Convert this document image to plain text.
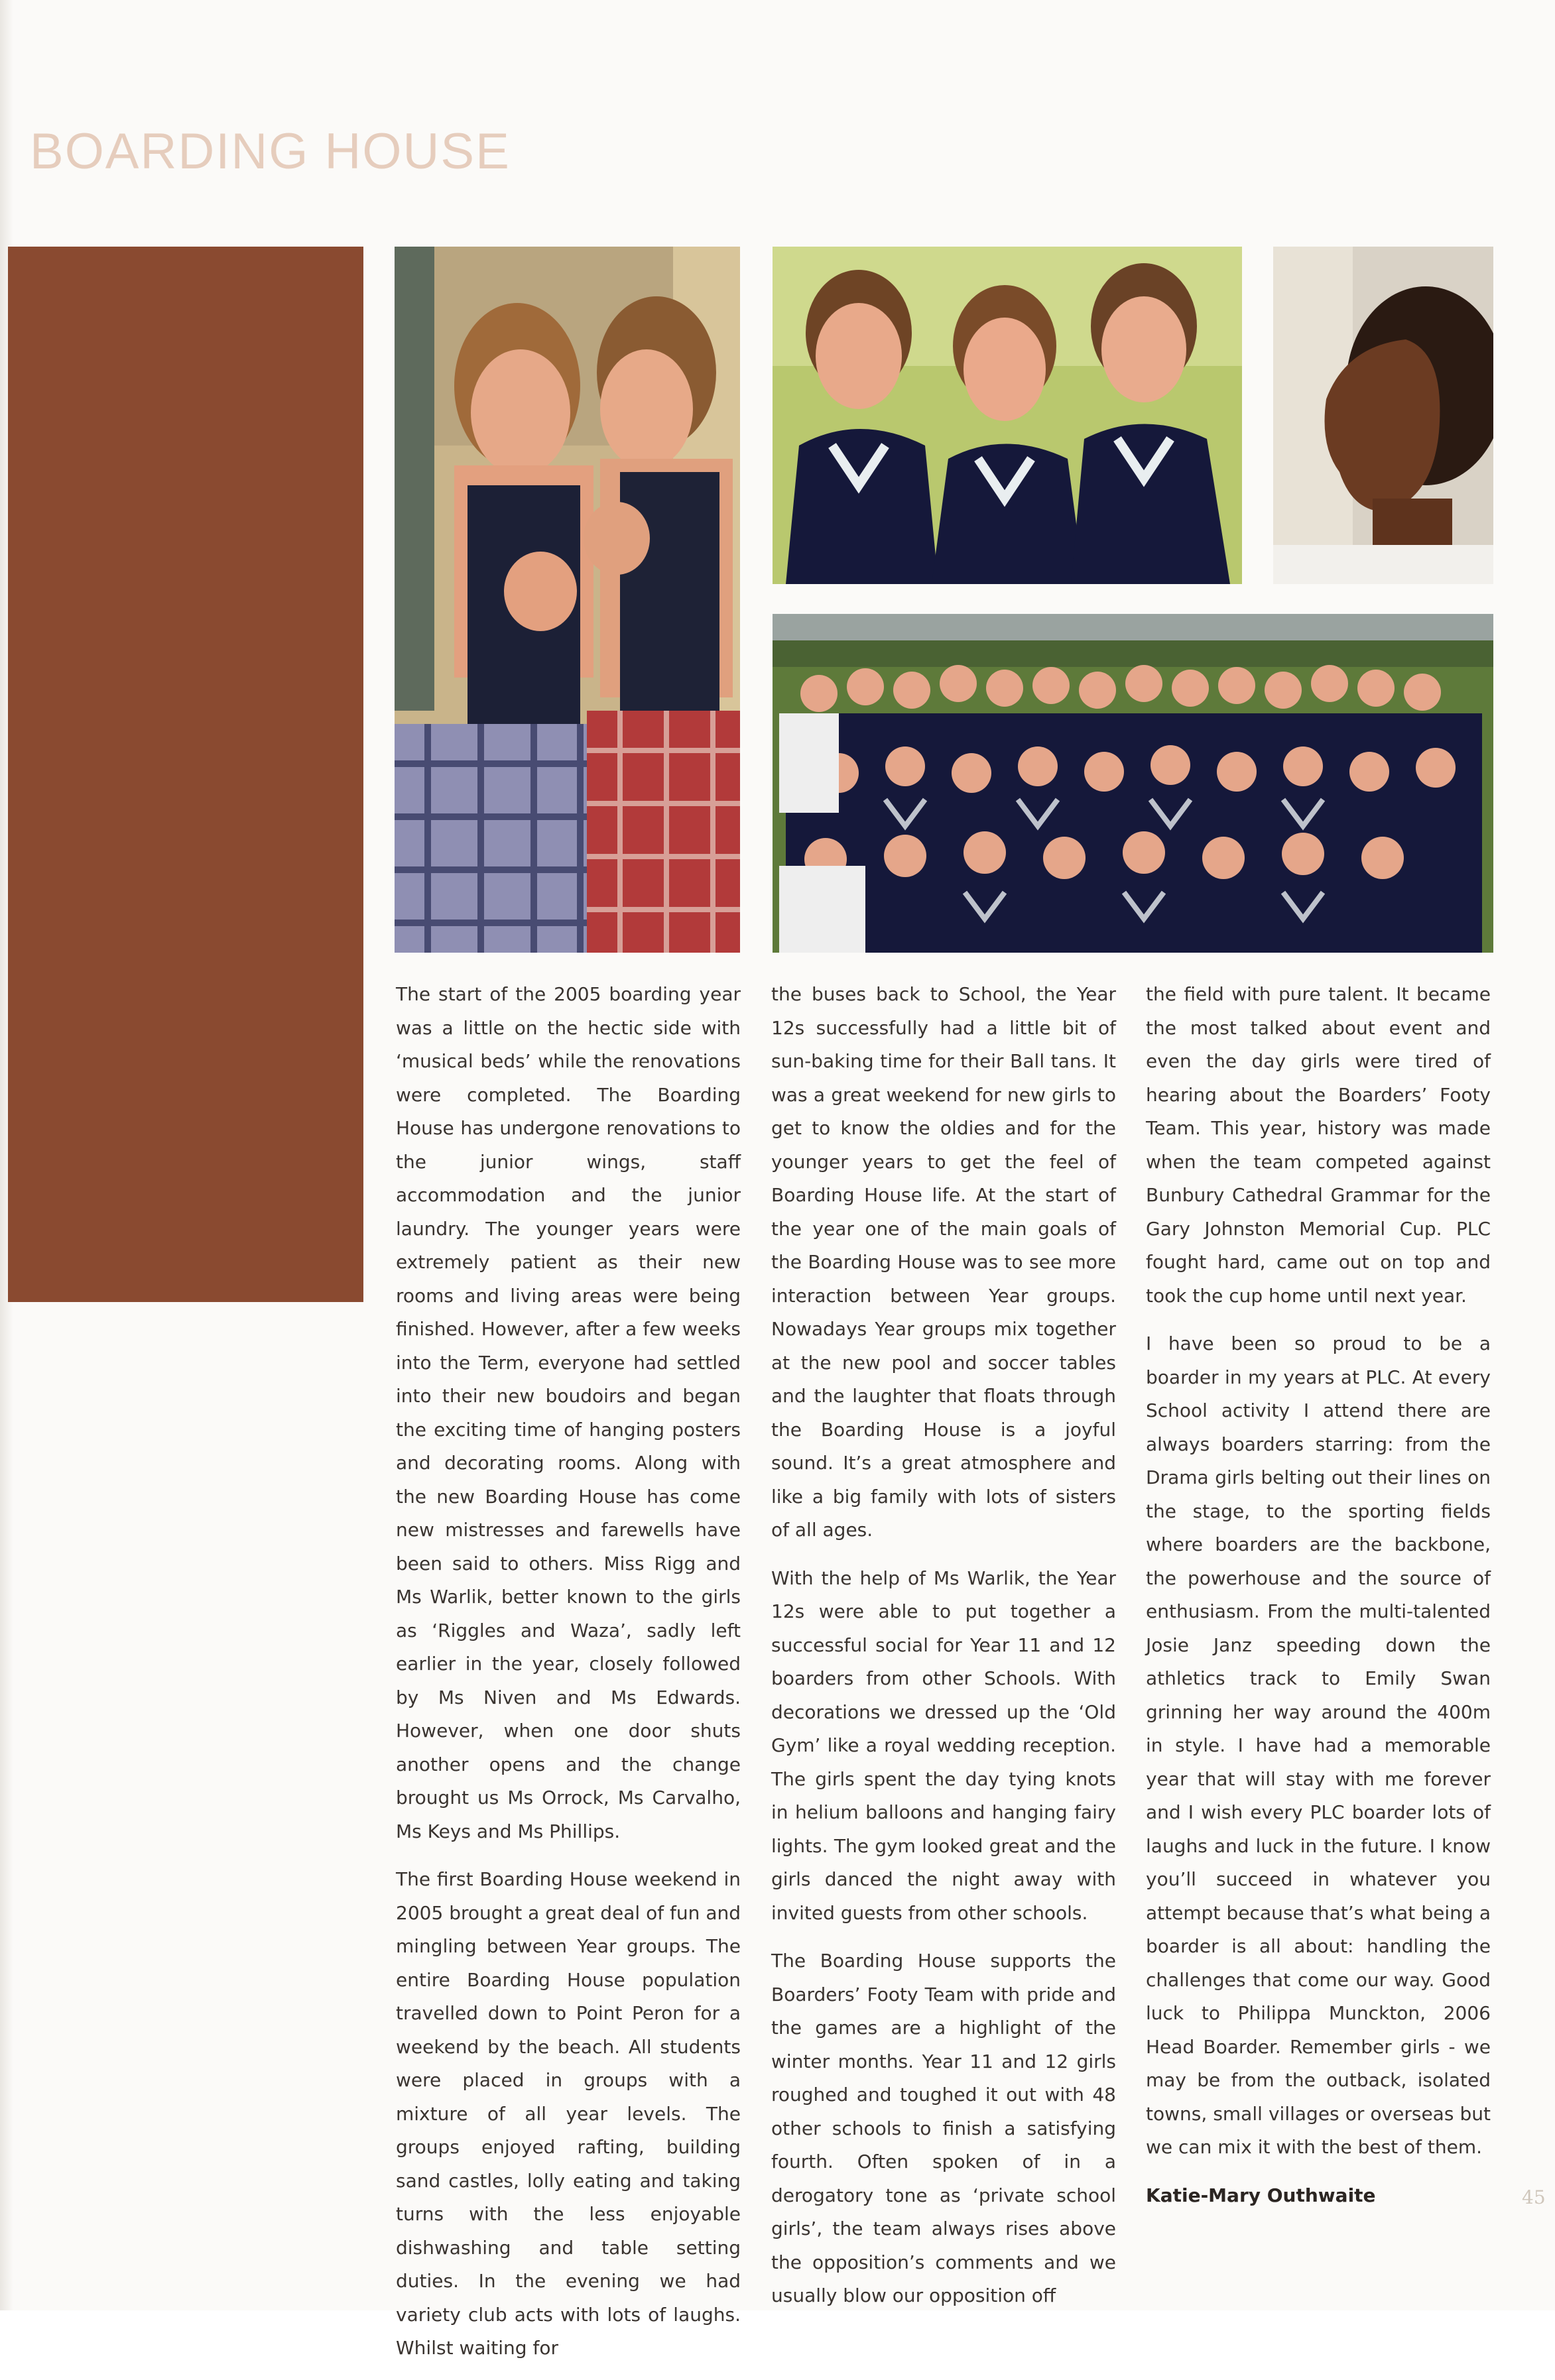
BOARDING HOUSE

The start of the 2005 boarding year was a little on the hectic side with ‘musical beds’ while the renovations were completed. The Boarding House has undergone renovations to the junior wings, staff accommodation and the junior laundry. The younger years were extremely patient as their new rooms and living areas were being finished. However, after a few weeks into the Term, everyone had settled into their new boudoirs and began the exciting time of hanging posters and decorating rooms. Along with the new Boarding House has come new mistresses and farewells have been said to others. Miss Rigg and Ms Warlik, better known to the girls as ‘Riggles and Waza’, sadly left earlier in the year, closely followed by Ms Niven and Ms Edwards. However, when one door shuts another opens and the change brought us Ms Orrock, Ms Carvalho, Ms Keys and Ms Phillips.

The first Boarding House weekend in 2005 brought a great deal of fun and mingling between Year groups. The entire Boarding House population travelled down to Point Peron for a weekend by the beach. All students were placed in groups with a mixture of all year levels. The groups enjoyed rafting, building sand castles, lolly eating and taking turns with the less enjoyable dishwashing and table setting duties. In the evening we had variety club acts with lots of laughs. Whilst waiting for

the buses back to School, the Year 12s successfully had a little bit of sun-baking time for their Ball tans. It was a great weekend for new girls to get to know the oldies and for the younger years to get the feel of Boarding House life. At the start of the year one of the main goals of the Boarding House was to see more interaction between Year groups. Nowadays Year groups mix together at the new pool and soccer tables and the laughter that floats through the Boarding House is a joyful sound. It’s a great atmosphere and like a big family with lots of sisters of all ages.

With the help of Ms Warlik, the Year 12s were able to put together a successful social for Year 11 and 12 boarders from other Schools. With decorations we dressed up the ‘Old Gym’ like a royal wedding reception. The girls spent the day tying knots in helium balloons and hanging fairy lights. The gym looked great and the girls danced the night away with invited guests from other schools.

The Boarding House supports the Boarders’ Footy Team with pride and the games are a highlight of the winter months. Year 11 and 12 girls roughed and toughed it out with 48 other schools to finish a satisfying fourth. Often spoken of in a derogatory tone as ‘private school girls’, the team always rises above the opposition’s comments and we usually blow our opposition off

the field with pure talent. It became the most talked about event and even the day girls were tired of hearing about the Boarders’ Footy Team. This year, history was made when the team competed against Bunbury Cathedral Grammar for the Gary Johnston Memorial Cup. PLC fought hard, came out on top and took the cup home until next year.

I have been so proud to be a boarder in my years at PLC. At every School activity I attend there are always boarders starring: from the Drama girls belting out their lines on the stage, to the sporting fields where boarders are the backbone, the powerhouse and the source of enthusiasm. From the multi-talented Josie Janz speeding down the athletics track to Emily Swan grinning her way around the 400m in style. I have had a memorable year that will stay with me forever and I wish every PLC boarder lots of laughs and luck in the future. I know you’ll succeed in whatever you attempt because that’s what being a boarder is all about: handling the challenges that come our way. Good luck to Philippa Munckton, 2006 Head Boarder. Remember girls - we may be from the outback, isolated towns, small villages or overseas but we can mix it with the best of them.

Katie-Mary Outhwaite	45
